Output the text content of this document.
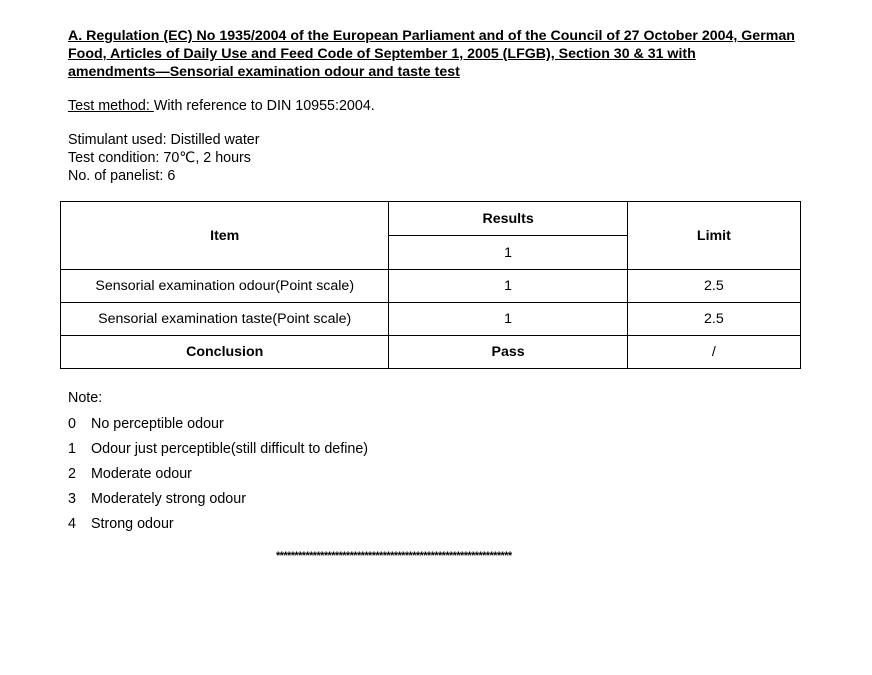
A. Regulation (EC) No 1935/2004 of the European Parliament and of the Council of 27 October 2004, German
Food, Articles of Daily Use and Feed Code of September 1, 2005 (LFGB), Section 30 & 31 with
amendments—Sensorial examination odour and taste test
Test method: With reference to DIN 10955:2004.
Stimulant used: Distilled water
Test condition: 70℃, 2 hours
No. of panelist: 6
Item	Results	Limit
	1	
Sensorial examination odour(Point scale)	1	2.5
Sensorial examination taste(Point scale)	1	2.5
Conclusion	Pass	/
Note:
0 No perceptible odour
1 Odour just perceptible(still difficult to define)
2 Moderate odour
3 Moderately strong odour
4 Strong odour
****************************************************************
